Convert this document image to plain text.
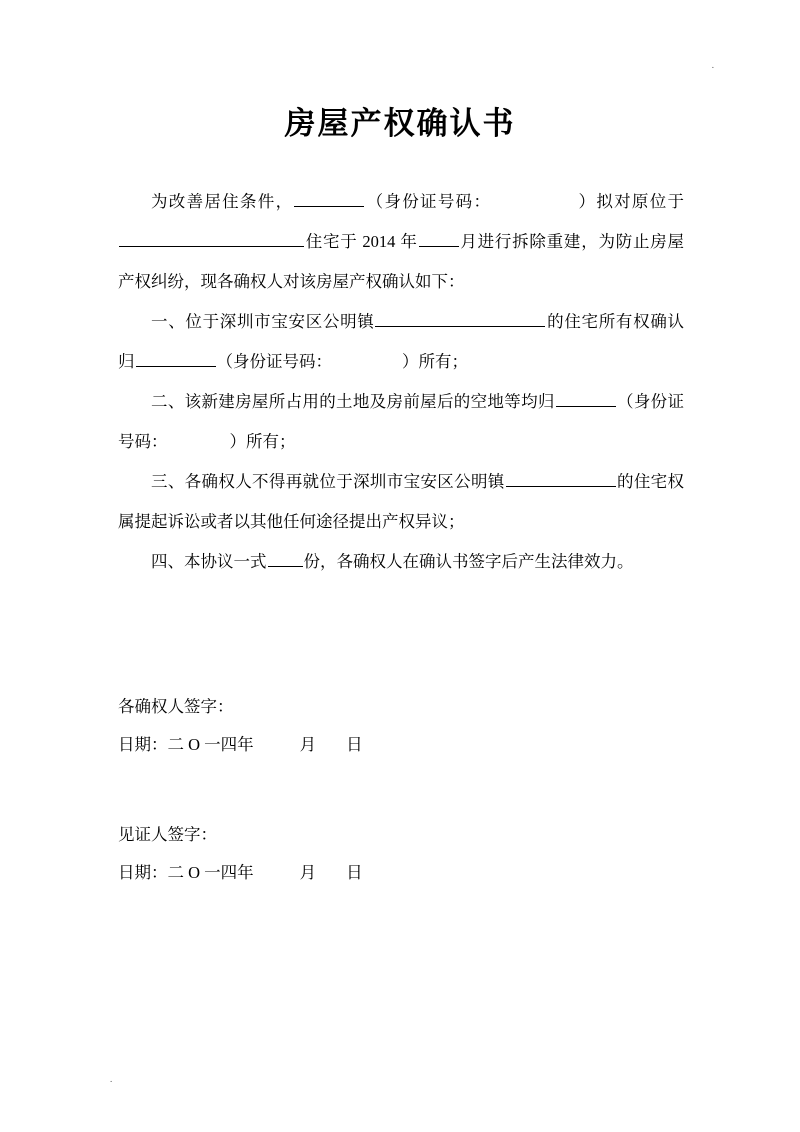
.
房屋产权确认书

为改善居住条件，	（身份证号码：	）拟对原位于住宅于 2014 年	月进行拆除重建，为防止房屋产权纠纷，现各确权人对该房屋产权确认如下：

一、位于深圳市宝安区公明镇	的住宅所有权确认归	（身份证号码：	）所有；

二、该新建房屋所占用的土地及房前屋后的空地等均归	（身份证号码：	）所有；

三、各确权人不得再就位于深圳市宝安区公明镇	的住宅权属提起诉讼或者以其他任何途径提出产权异议；

四、本协议一式 份，各确权人在确认书签字后产生法律效力。

各确权人签字：

日期：二 O 一四年	月 日

见证人签字：

日期：二 O 一四年	月 日

.
